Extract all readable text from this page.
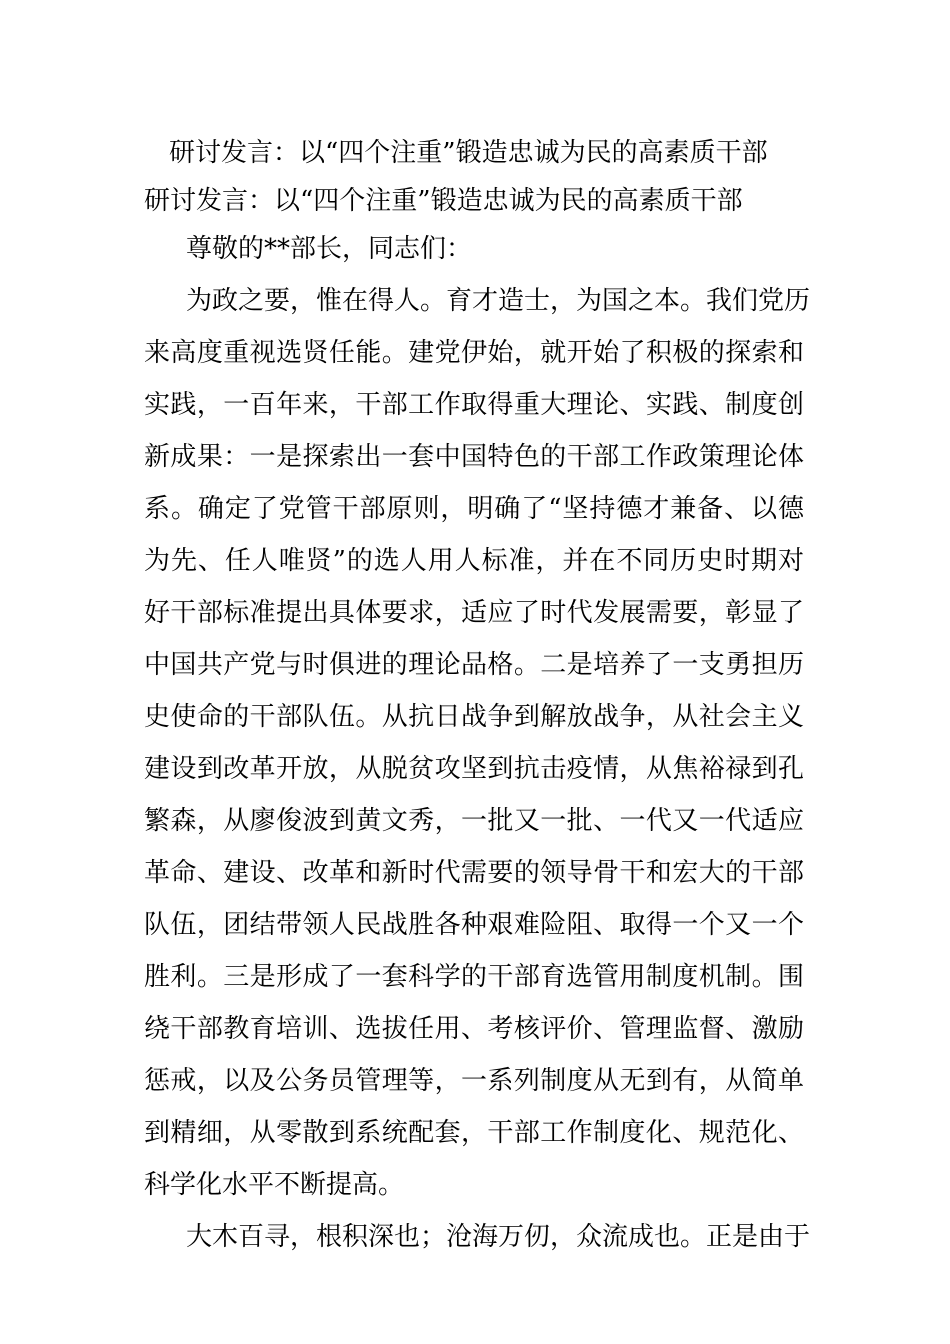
研讨发言：以“四个注重”锻造忠诚为民的高素质干部

研讨发言：以“四个注重”锻造忠诚为民的高素质干部

尊敬的**部长，同志们：

为政之要，惟在得人。育才造士，为国之本。我们党历

来高度重视选贤任能。建党伊始，就开始了积极的探索和

实践，一百年来，干部工作取得重大理论、实践、制度创

新成果：一是探索出一套中国特色的干部工作政策理论体

系。确定了党管干部原则，明确了“坚持德才兼备、以德

为先、任人唯贤”的选人用人标准，并在不同历史时期对

好干部标准提出具体要求，适应了时代发展需要，彰显了

中国共产党与时俱进的理论品格。二是培养了一支勇担历

史使命的干部队伍。从抗日战争到解放战争，从社会主义

建设到改革开放，从脱贫攻坚到抗击疫情，从焦裕禄到孔

繁森，从廖俊波到黄文秀，一批又一批、一代又一代适应

革命、建设、改革和新时代需要的领导骨干和宏大的干部

队伍，团结带领人民战胜各种艰难险阻、取得一个又一个

胜利。三是形成了一套科学的干部育选管用制度机制。围

绕干部教育培训、选拔任用、考核评价、管理监督、激励

惩戒，以及公务员管理等，一系列制度从无到有，从简单

到精细，从零散到系统配套，干部工作制度化、规范化、

科学化水平不断提高。

大木百寻，根积深也；沧海万仞，众流成也。正是由于
